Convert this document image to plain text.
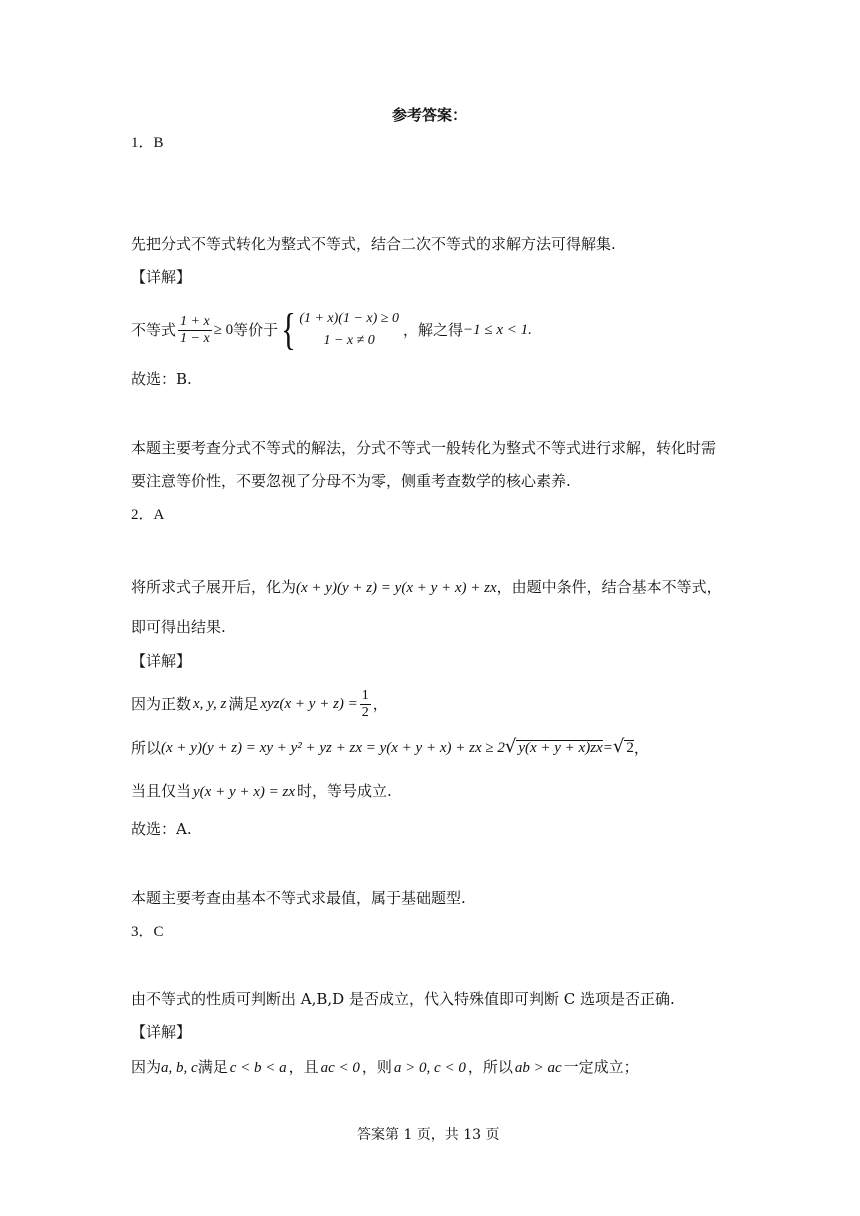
参考答案：
1．B
先把分式不等式转化为整式不等式，结合二次不等式的求解方法可得解集.
【详解】
不等式 $\frac{1 + x}{1 - x} \ge 0$ 等价于 { (1 + x)(1 − x) ≥ 0
1 − x ≠ 0
，解之得 −1 ≤ x < 1.
故选：B.
本题主要考查分式不等式的解法，分式不等式一般转化为整式不等式进行求解，转化时需
要注意等价性，不要忽视了分母不为零，侧重考查数学的核心素养.
2．A
将所求式子展开后，化为(x + y)(y + z) = y(x + y + x) + zx，由题中条件，结合基本不等式，
即可得出结果.
【详解】
因为正数 x, y, z 满足 $xyz(x + y + z) = \frac{1}{2}$ ，
所以 (x + y)(y + z) = xy + y² + yz + zx = y(x + y + x) + zx ≥ 2 √ y(x + y + x)zx = √ 2 ，
当且仅当 y(x + y + x) = zx 时，等号成立.
故选：A.
本题主要考查由基本不等式求最值，属于基础题型.
3．C
由不等式的性质可判断出 A,B,D 是否成立，代入特殊值即可判断 C 选项是否正确.
【详解】
因为a, b, c满足 c < b < a ，且 ac < 0 ，则 a > 0, c < 0 ，所以 ab > ac 一定成立；
答案第 1 页，共 13 页
